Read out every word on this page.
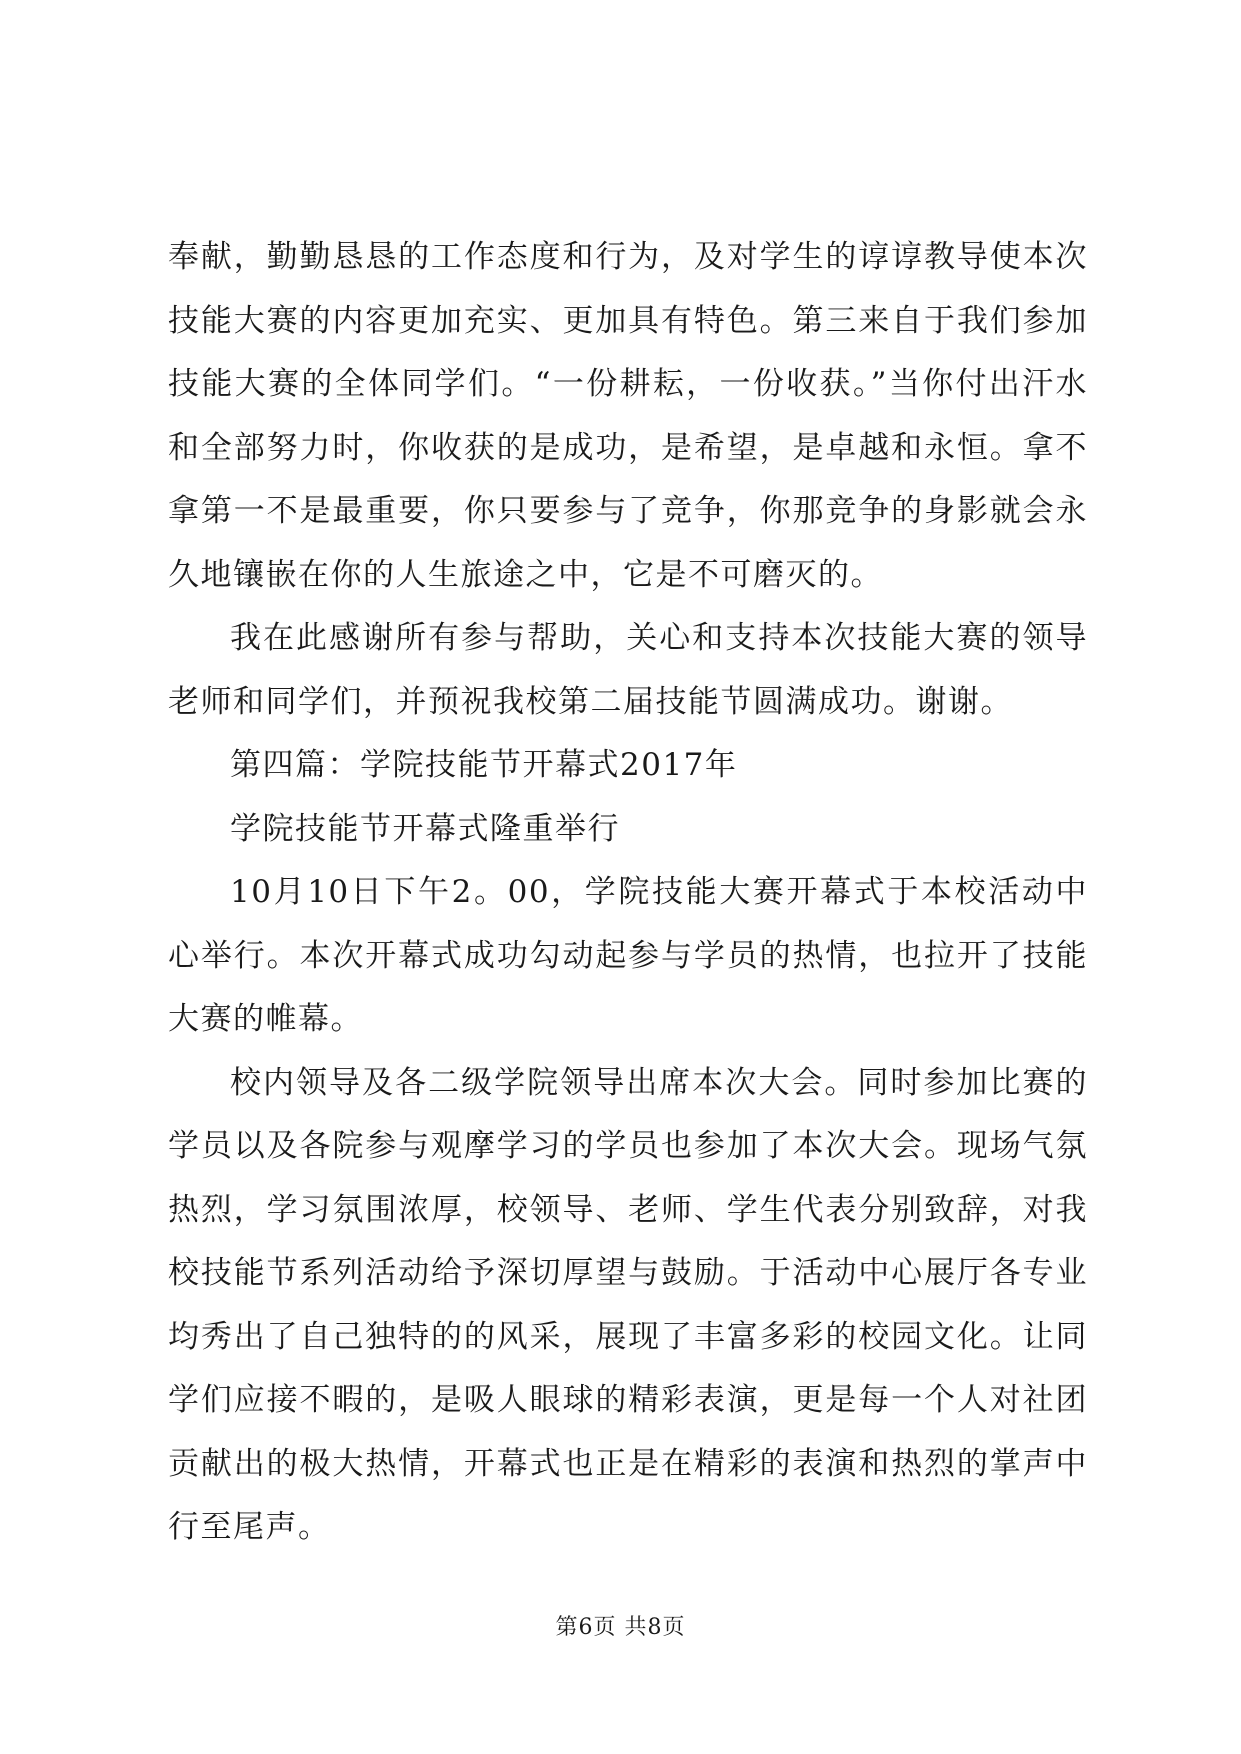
奉献，勤勤恳恳的工作态度和行为，及对学生的谆谆教导使本次技能大赛的内容更加充实、更加具有特色。第三来自于我们参加技能大赛的全体同学们。“一份耕耘，一份收获。”当你付出汗水和全部努力时，你收获的是成功，是希望，是卓越和永恒。拿不拿第一不是最重要，你只要参与了竞争，你那竞争的身影就会永久地镶嵌在你的人生旅途之中，它是不可磨灭的。

我在此感谢所有参与帮助，关心和支持本次技能大赛的领导老师和同学们，并预祝我校第二届技能节圆满成功。谢谢。

第四篇：学院技能节开幕式2017年

学院技能节开幕式隆重举行

10月10日下午2。00，学院技能大赛开幕式于本校活动中心举行。本次开幕式成功勾动起参与学员的热情，也拉开了技能大赛的帷幕。

校内领导及各二级学院领导出席本次大会。同时参加比赛的学员以及各院参与观摩学习的学员也参加了本次大会。现场气氛热烈，学习氛围浓厚，校领导、老师、学生代表分别致辞，对我校技能节系列活动给予深切厚望与鼓励。于活动中心展厅各专业均秀出了自己独特的的风采，展现了丰富多彩的校园文化。让同学们应接不暇的，是吸人眼球的精彩表演，更是每一个人对社团贡献出的极大热情，开幕式也正是在精彩的表演和热烈的掌声中行至尾声。

第6页 共8页
